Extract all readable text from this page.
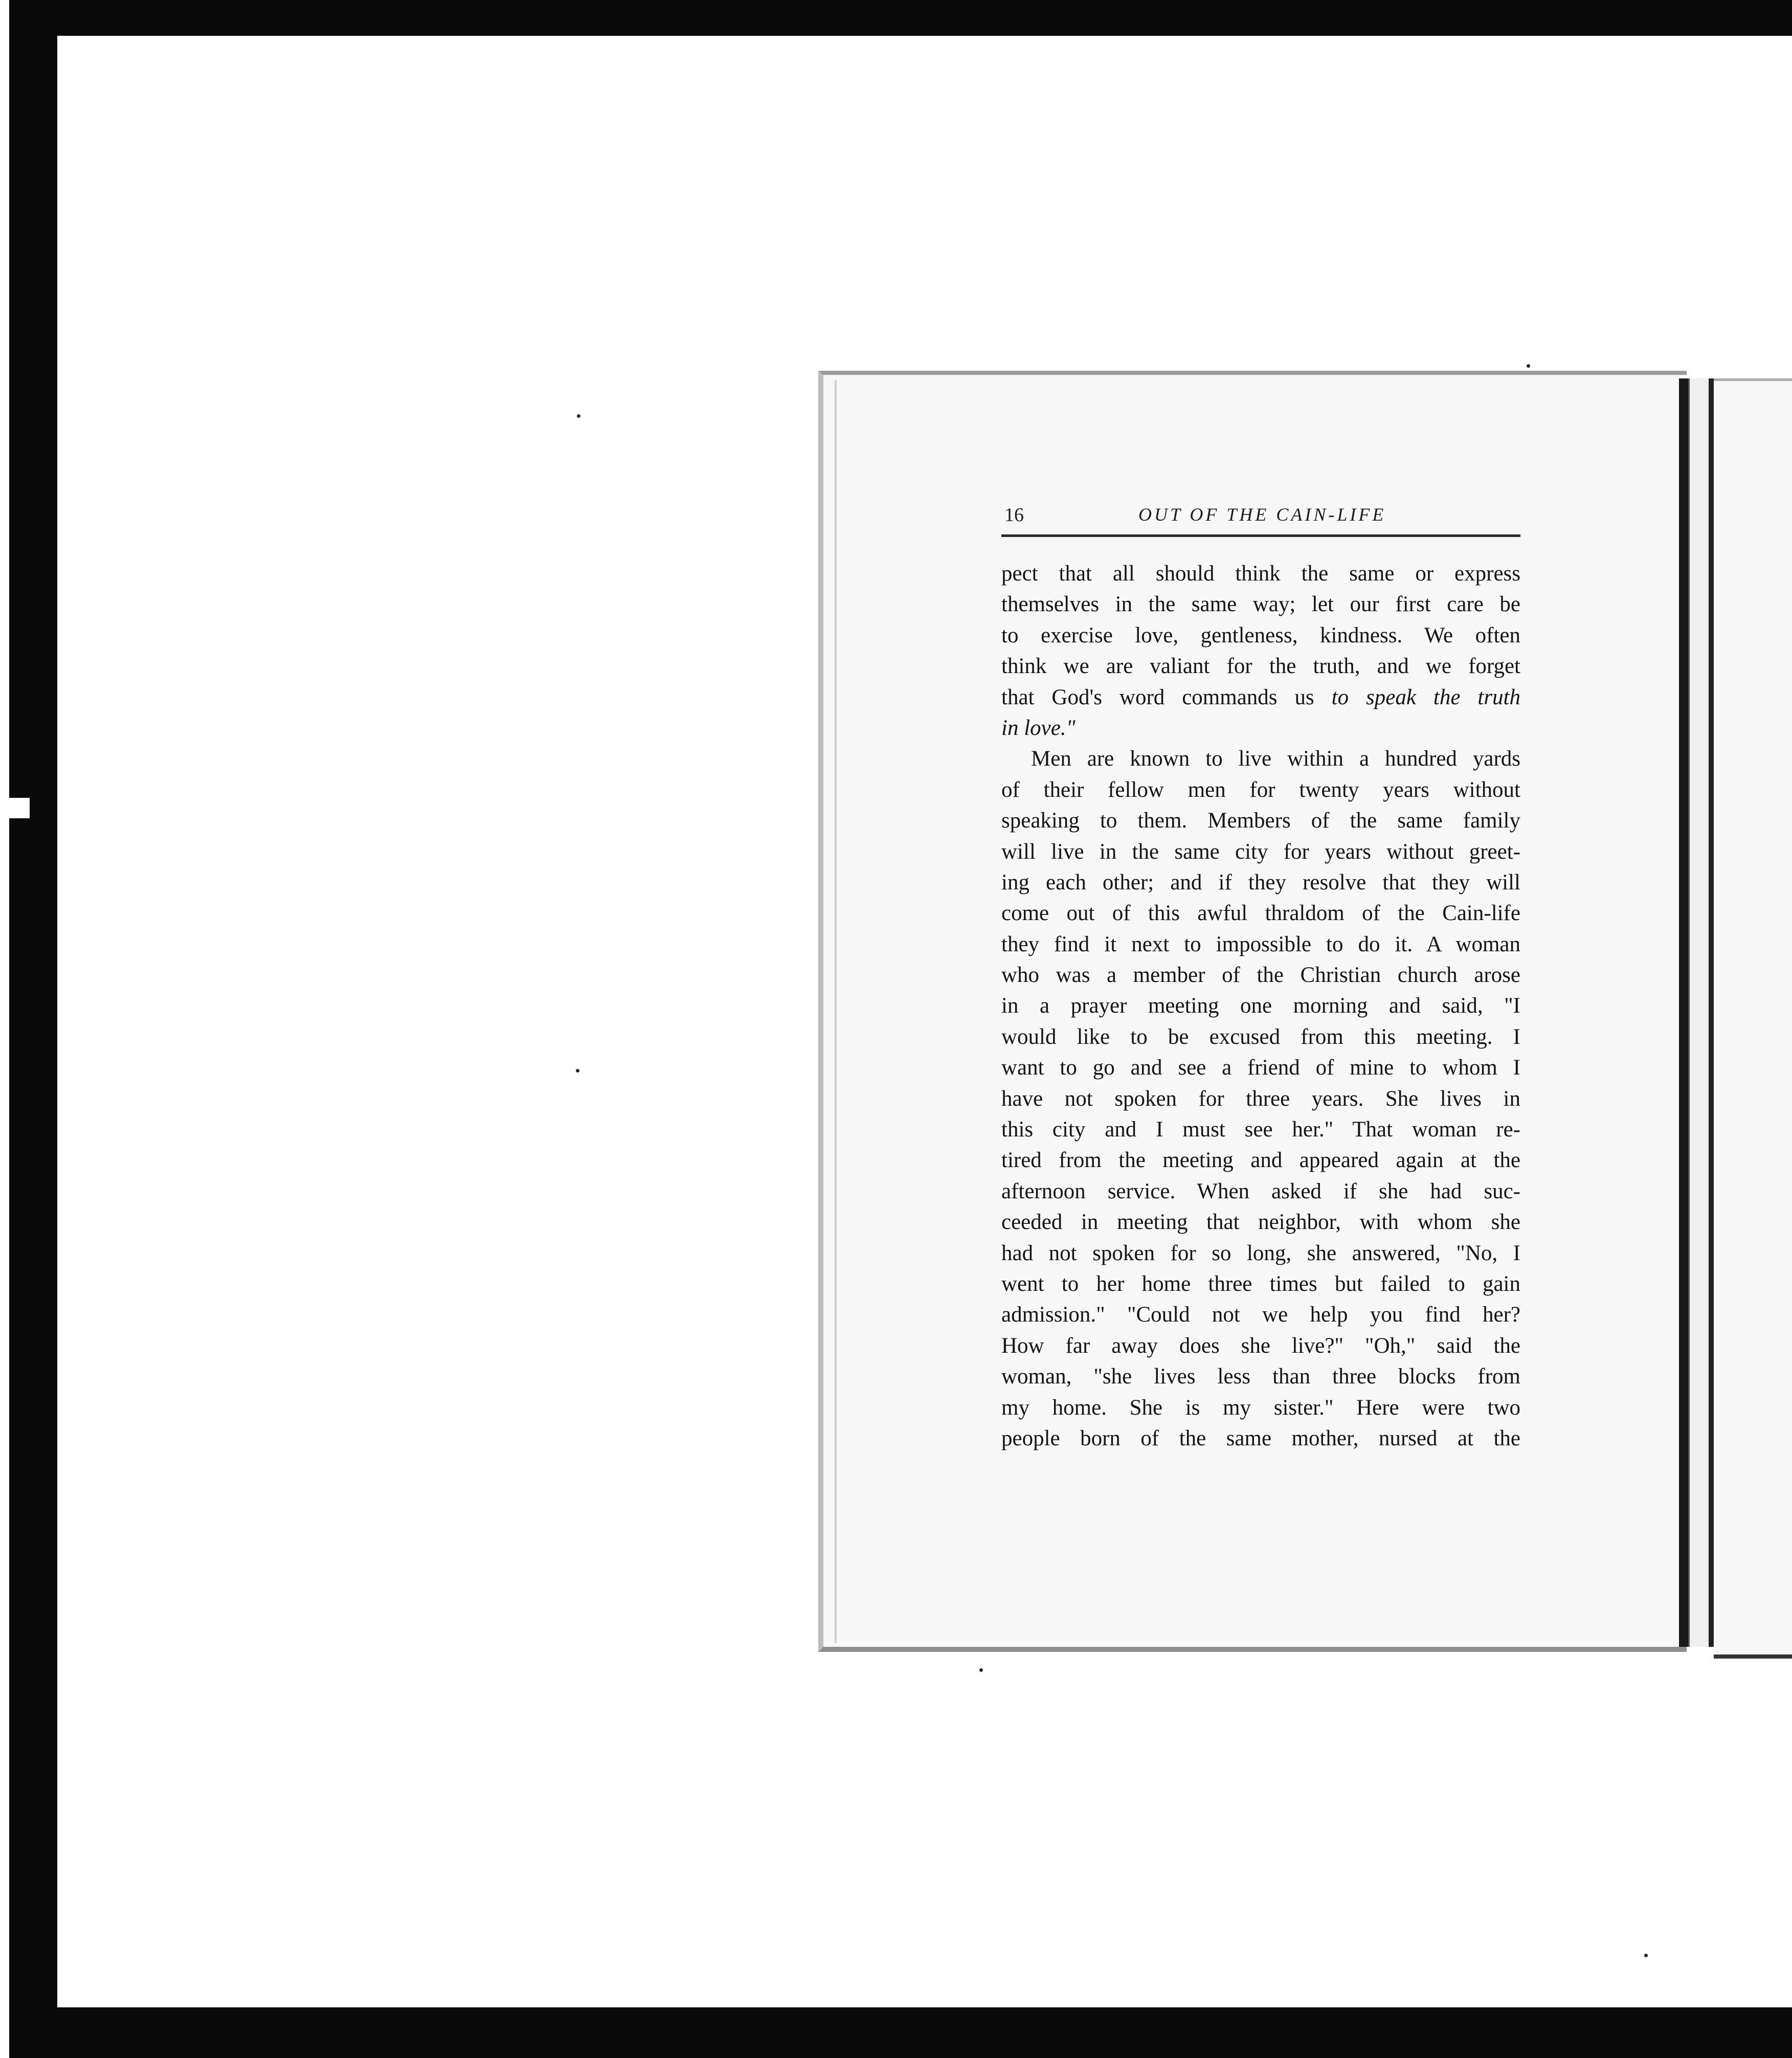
16	OUT OF THE CAIN-LIFE
pect that all should think the same or express
themselves in the same way; let our first care be
to exercise love, gentleness, kindness. We often
think we are valiant for the truth, and we forget
that God's word commands us to speak the truth
in love."
Men are known to live within a hundred yards
of their fellow men for twenty years without
speaking to them. Members of the same family
will live in the same city for years without greet-
ing each other; and if they resolve that they will
come out of this awful thraldom of the Cain-life
they find it next to impossible to do it. A woman
who was a member of the Christian church arose
in a prayer meeting one morning and said, "I
would like to be excused from this meeting. I
want to go and see a friend of mine to whom I
have not spoken for three years. She lives in
this city and I must see her." That woman re-
tired from the meeting and appeared again at the
afternoon service. When asked if she had suc-
ceeded in meeting that neighbor, with whom she
had not spoken for so long, she answered, "No, I
went to her home three times but failed to gain
admission." "Could not we help you find her?
How far away does she live?" "Oh," said the
woman, "she lives less than three blocks from
my home. She is my sister." Here were two
people born of the same mother, nursed at the
